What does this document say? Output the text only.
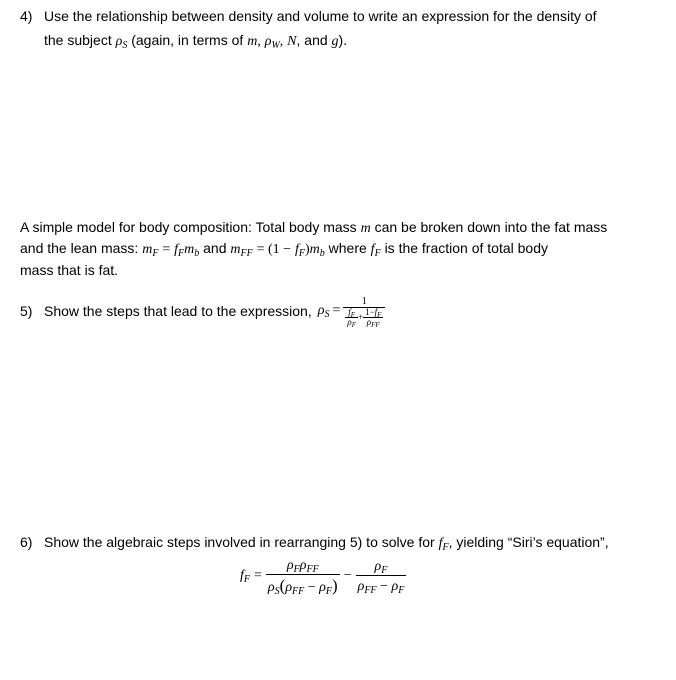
4) Use the relationship between density and volume to write an expression for the density of
the subject $\rho_S$ (again, in terms of m, $\rho_W$, N, and g).
A simple model for body composition: Total body mass m can be broken down into the fat mass
and the lean mass: $m_F = f_Fm_b$ and $m_{FF} = (1 - f_F)m_b$ where $f_F$ is the fraction of total body
mass that is fat.
5) Show the steps that lead to the expression, $\rho_S = \frac{1}{\frac{f_F}{\rho_F} + \frac{1-f_F}{\rho_{FF}}}$
6) Show the algebraic steps involved in rearranging 5) to solve for $f_F$, yielding “Siri’s equation”,
$f_F = \frac{\rho_F\rho_{FF}}{\rho_S(\rho_{FF} - \rho_F)} - \frac{\rho_F}{\rho_{FF} - \rho_F}$
